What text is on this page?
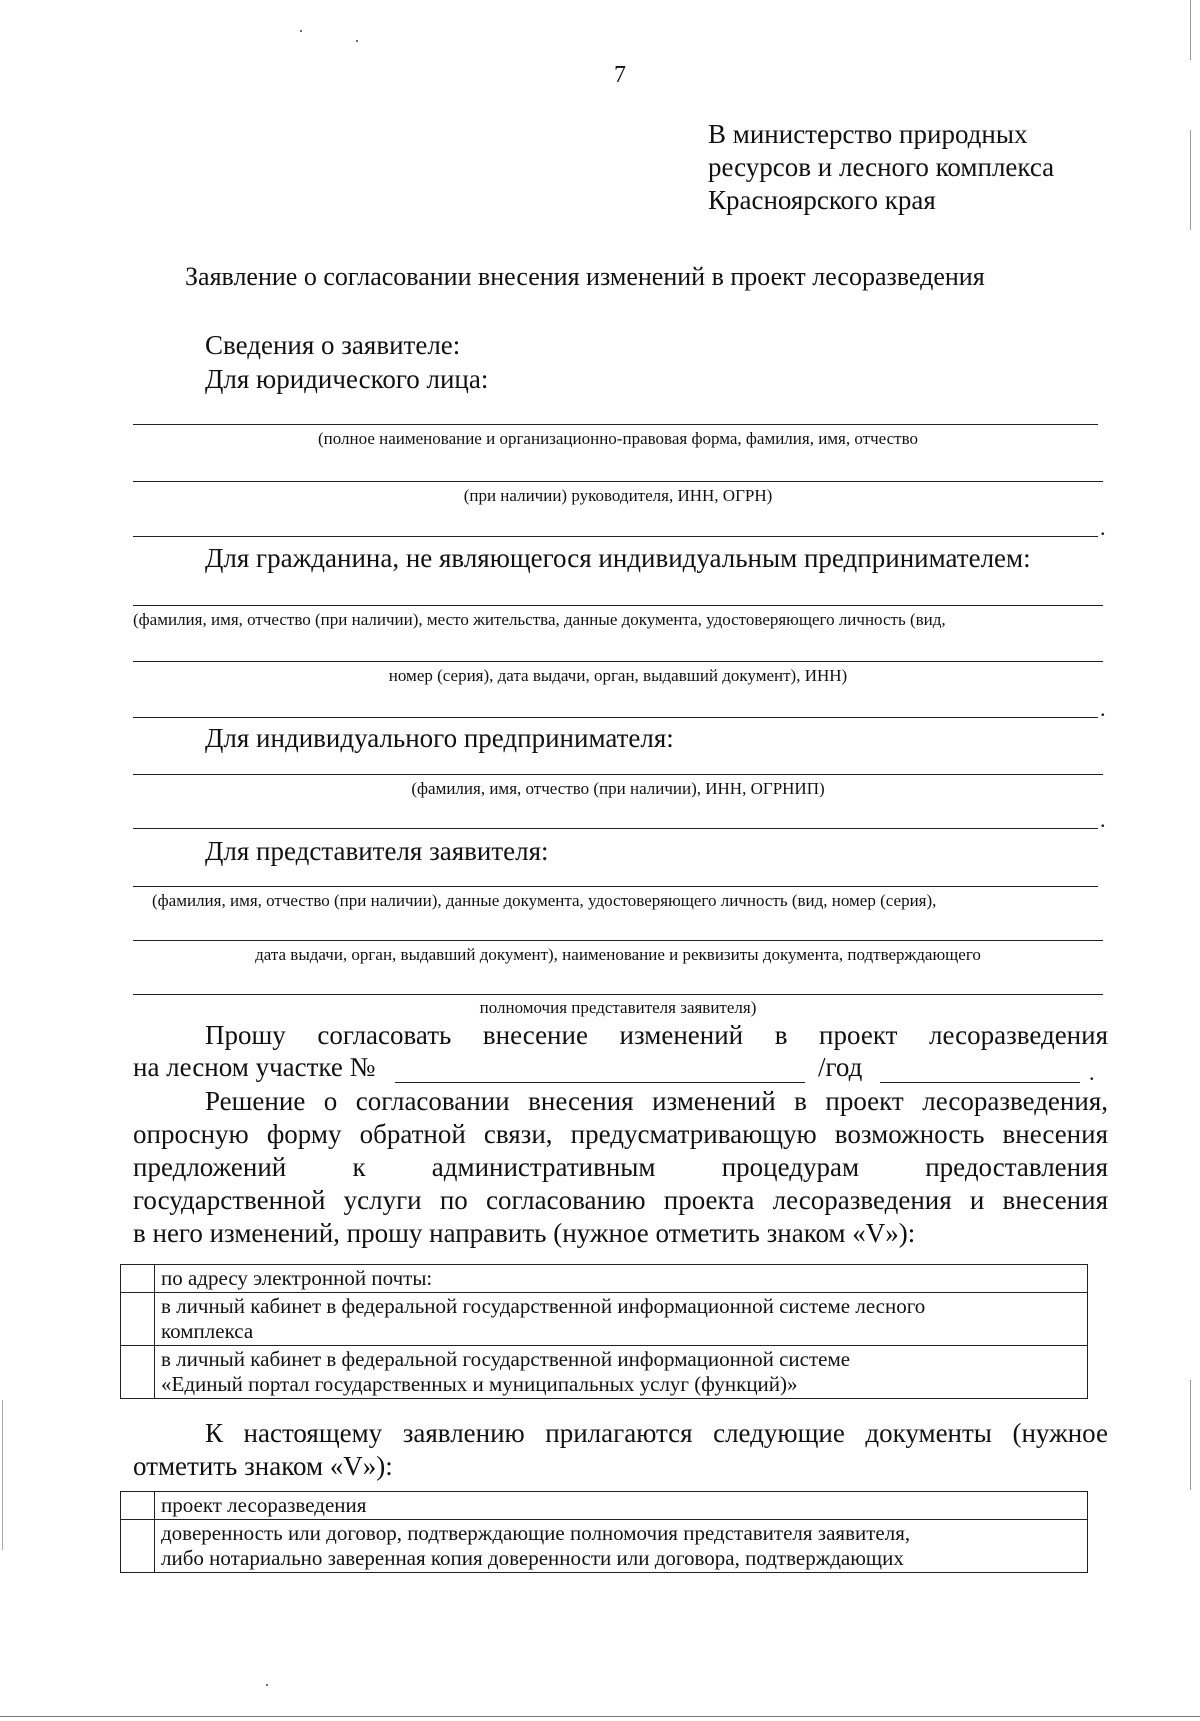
7
В министерство природных
ресурсов и лесного комплекса
Красноярского края
Заявление о согласовании внесения изменений в проект лесоразведения
Сведения о заявителе:
Для юридического лица:
(полное наименование и организационно-правовая форма, фамилия, имя, отчество
(при наличии) руководителя, ИНН, ОГРН)
.
Для гражданина, не являющегося индивидуальным предпринимателем:
(фамилия, имя, отчество (при наличии), место жительства, данные документа, удостоверяющего личность (вид,
номер (серия), дата выдачи, орган, выдавший документ), ИНН)
.
Для индивидуального предпринимателя:
(фамилия, имя, отчество (при наличии), ИНН, ОГРНИП)
.
Для представителя заявителя:
(фамилия, имя, отчество (при наличии), данные документа, удостоверяющего личность (вид, номер (серия),
дата выдачи, орган, выдавший документ), наименование и реквизиты документа, подтверждающего
полномочия представителя заявителя)
Прошу согласовать внесение изменений в проект лесоразведения
на лесном участке №	/год	.
Решение о согласовании внесения изменений в проект лесоразведения,
опросную форму обратной связи, предусматривающую возможность внесения
предложений к административным процедурам предоставления
государственной услуги по согласованию проекта лесоразведения и внесения
в него изменений, прошу направить (нужное отметить знаком «V»):

	по адресу электронной почты:

	в личный кабинет в федеральной государственной информационной системе лесного
комплекса

	в личный кабинет в федеральной государственной информационной системе
«Единый портал государственных и муниципальных услуг (функций)»
К настоящему заявлению прилагаются следующие документы (нужное
отметить знаком «V»):

	проект лесоразведения

	доверенность или договор, подтверждающие полномочия представителя заявителя,
либо нотариально заверенная копия доверенности или договора, подтверждающих
